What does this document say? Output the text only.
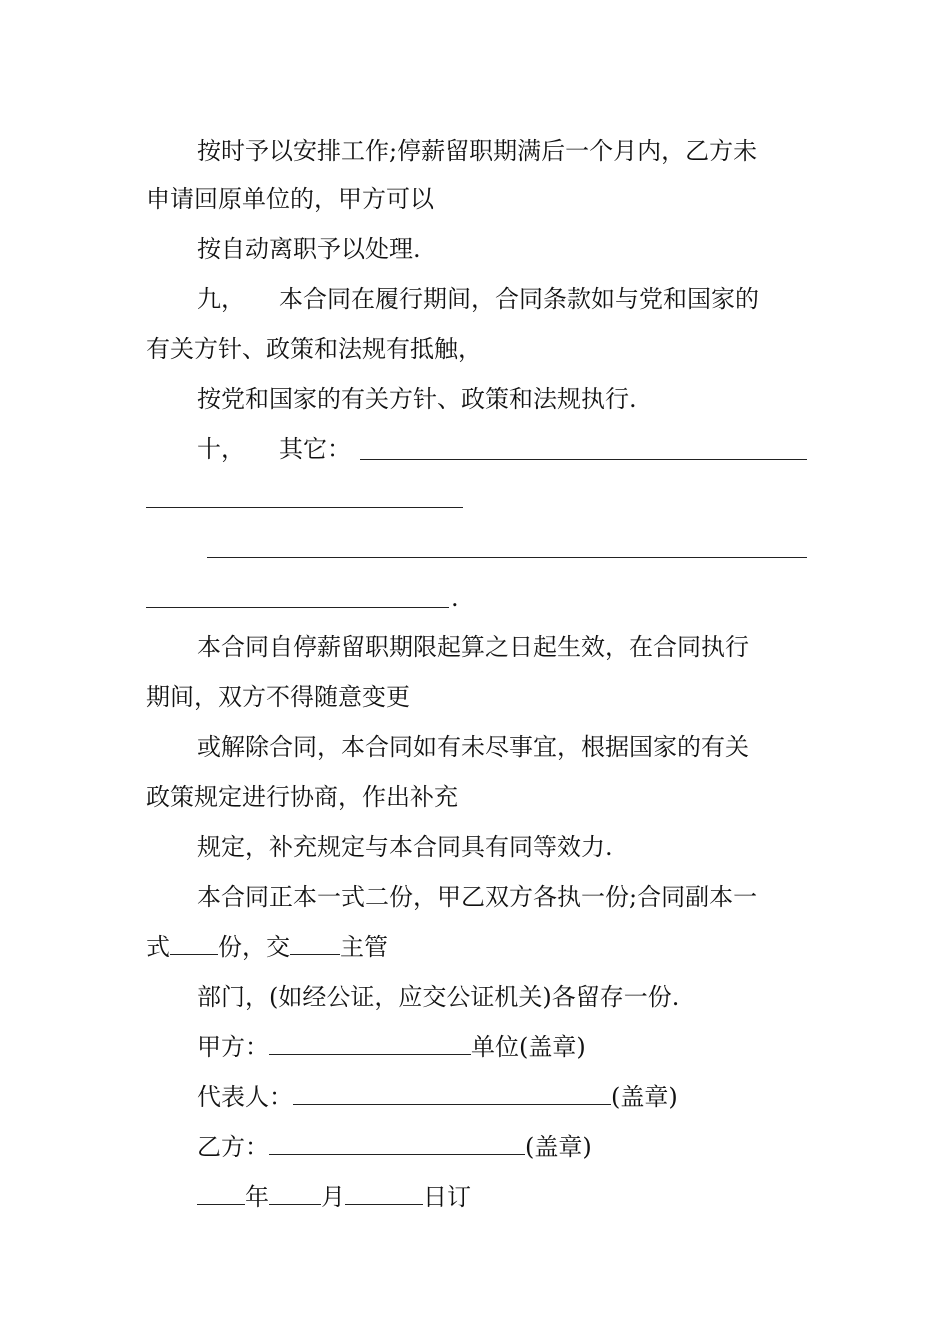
按时予以安排工作;停薪留职期满后一个月内，乙方未
申请回原单位的，甲方可以
按自动离职予以处理.
九， 本合同在履行期间，合同条款如与党和国家的
有关方针、政策和法规有抵触，
按党和国家的有关方针、政策和法规执行.
十， 其它：
.
本合同自停薪留职期限起算之日起生效，在合同执行
期间，双方不得随意变更
或解除合同，本合同如有未尽事宜，根据国家的有关
政策规定进行协商，作出补充
规定，补充规定与本合同具有同等效力.
本合同正本一式二份，甲乙双方各执一份;合同副本一
式 份，交 主管
部门，(如经公证，应交公证机关)各留存一份.
甲方：	单位(盖章)
代表人：	(盖章)
乙方：	(盖章)
年 月	日订
